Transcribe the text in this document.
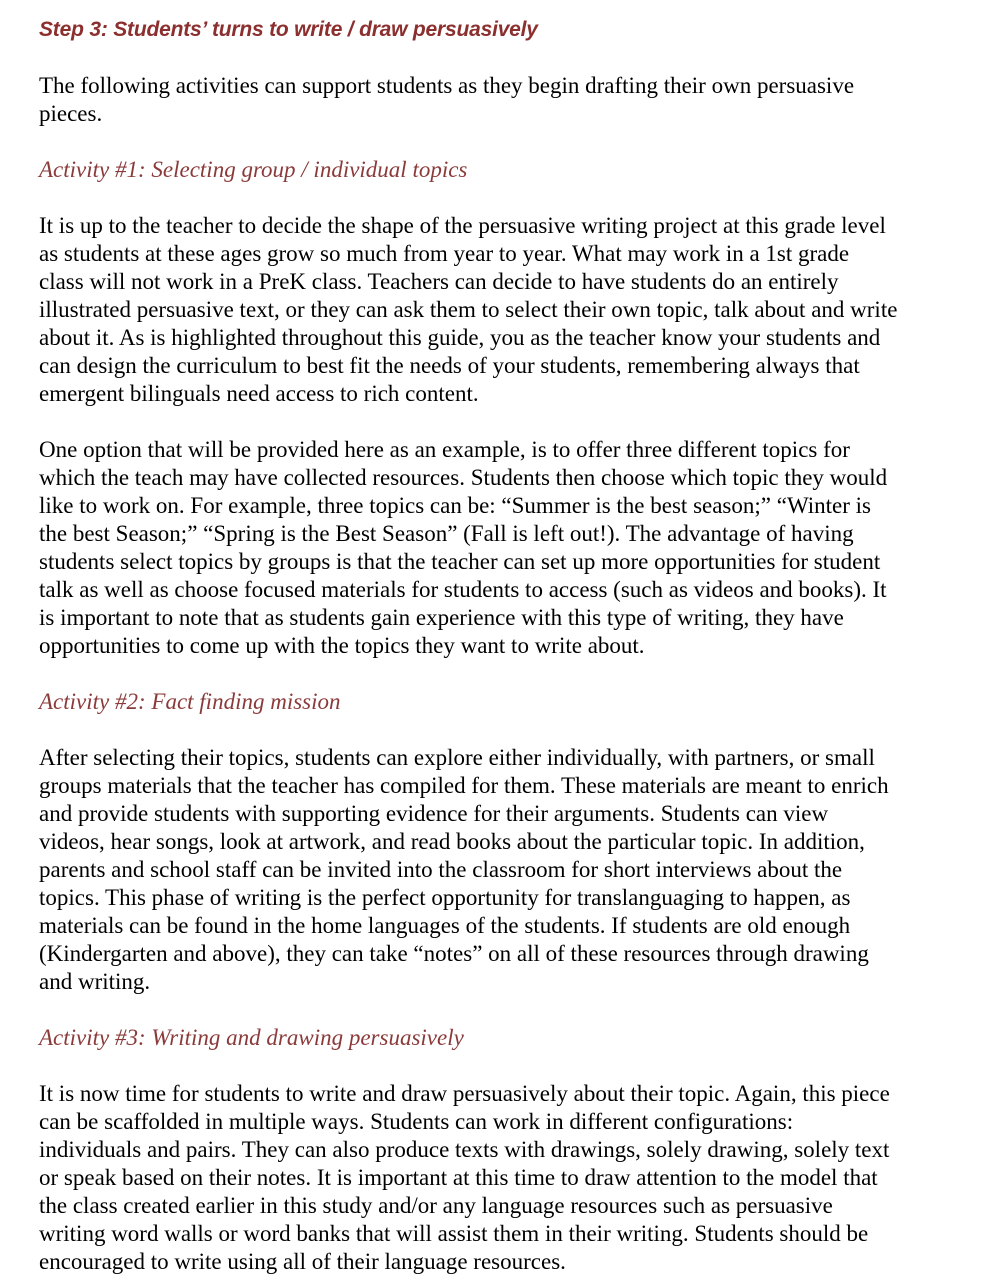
Step 3: Students’ turns to write / draw persuasively
The following activities can support students as they begin drafting their own persuasive
pieces.
Activity #1: Selecting group / individual topics
It is up to the teacher to decide the shape of the persuasive writing project at this grade level
as students at these ages grow so much from year to year. What may work in a 1st grade
class will not work in a PreK class. Teachers can decide to have students do an entirely
illustrated persuasive text, or they can ask them to select their own topic, talk about and write
about it. As is highlighted throughout this guide, you as the teacher know your students and
can design the curriculum to best fit the needs of your students, remembering always that
emergent bilinguals need access to rich content.
One option that will be provided here as an example, is to offer three different topics for
which the teach may have collected resources. Students then choose which topic they would
like to work on. For example, three topics can be: “Summer is the best season;” “Winter is
the best Season;” “Spring is the Best Season” (Fall is left out!). The advantage of having
students select topics by groups is that the teacher can set up more opportunities for student
talk as well as choose focused materials for students to access (such as videos and books). It
is important to note that as students gain experience with this type of writing, they have
opportunities to come up with the topics they want to write about.
Activity #2: Fact finding mission
After selecting their topics, students can explore either individually, with partners, or small
groups materials that the teacher has compiled for them. These materials are meant to enrich
and provide students with supporting evidence for their arguments. Students can view
videos, hear songs, look at artwork, and read books about the particular topic. In addition,
parents and school staff can be invited into the classroom for short interviews about the
topics. This phase of writing is the perfect opportunity for translanguaging to happen, as
materials can be found in the home languages of the students. If students are old enough
(Kindergarten and above), they can take “notes” on all of these resources through drawing
and writing.
Activity #3: Writing and drawing persuasively
It is now time for students to write and draw persuasively about their topic. Again, this piece
can be scaffolded in multiple ways. Students can work in different configurations:
individuals and pairs. They can also produce texts with drawings, solely drawing, solely text
or speak based on their notes. It is important at this time to draw attention to the model that
the class created earlier in this study and/or any language resources such as persuasive
writing word walls or word banks that will assist them in their writing. Students should be
encouraged to write using all of their language resources.
